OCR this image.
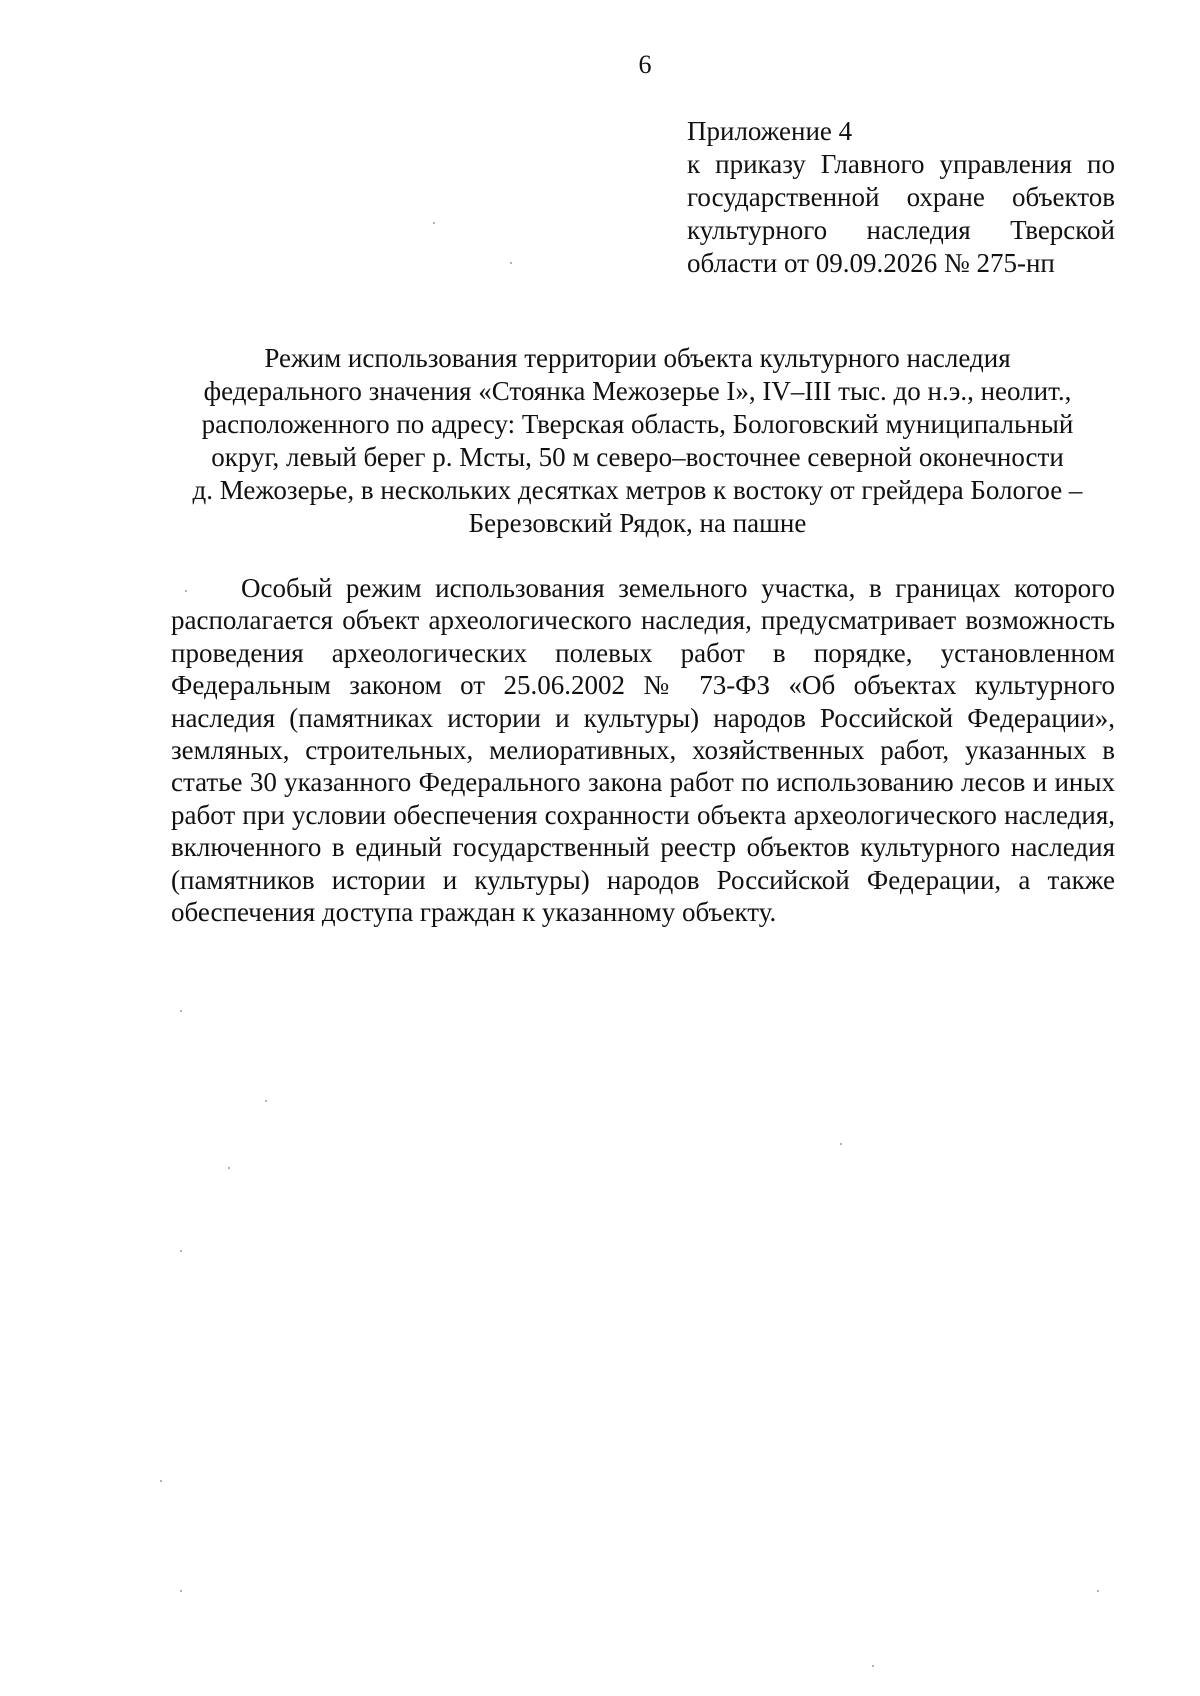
6
Приложение 4
к приказу Главного управления по государственной охране объектов культурного наследия Тверской области от 09.09.2026 № 275-нп
Режим использования территории объекта культурного наследия
федерального значения «Стоянка Межозерье I», IV–III тыс. до н.э., неолит.,
расположенного по адресу: Тверская область, Бологовский муниципальный
округ, левый берег р. Мсты, 50 м северо–восточнее северной оконечности
д. Межозерье, в нескольких десятках метров к востоку от грейдера Бологое –
Березовский Рядок, на пашне

Особый режим использования земельного участка, в границах которого располагается объект археологического наследия, предусматривает возможность проведения археологических полевых работ в порядке, установленном Федеральным законом от 25.06.2002 № 73-ФЗ «Об объектах культурного наследия (памятниках истории и культуры) народов Российской Федерации», земляных, строительных, мелиоративных, хозяйственных работ, указанных в статье 30 указанного Федерального закона работ по использованию лесов и иных работ при условии обеспечения сохранности объекта археологического наследия, включенного в единый государственный реестр объектов культурного наследия (памятников истории и культуры) народов Российской Федерации, а также обеспечения доступа граждан к указанному объекту.
